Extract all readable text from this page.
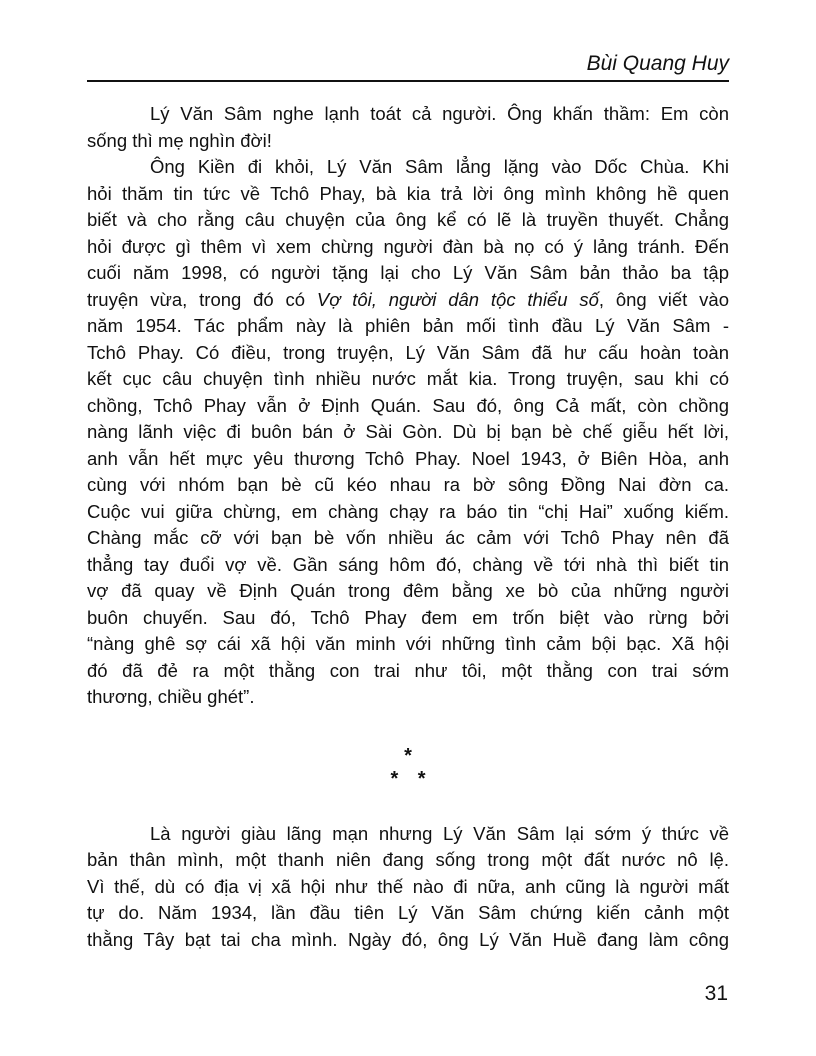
Bùi Quang Huy
Lý Văn Sâm nghe lạnh toát cả người. Ông khấn thầm: Em còn
sống thì mẹ nghìn đời!
Ông Kiền đi khỏi, Lý Văn Sâm lẳng lặng vào Dốc Chùa. Khi
hỏi thăm tin tức về Tchô Phay, bà kia trả lời ông mình không hề quen
biết và cho rằng câu chuyện của ông kể có lẽ là truyền thuyết. Chẳng
hỏi được gì thêm vì xem chừng người đàn bà nọ có ý lảng tránh. Đến
cuối năm 1998, có người tặng lại cho Lý Văn Sâm bản thảo ba tập
truyện vừa, trong đó có Vợ tôi, người dân tộc thiểu số, ông viết vào
năm 1954. Tác phẩm này là phiên bản mối tình đầu Lý Văn Sâm -
Tchô Phay. Có điều, trong truyện, Lý Văn Sâm đã hư cấu hoàn toàn
kết cục câu chuyện tình nhiều nước mắt kia. Trong truyện, sau khi có
chồng, Tchô Phay vẫn ở Định Quán. Sau đó, ông Cả mất, còn chồng
nàng lãnh việc đi buôn bán ở Sài Gòn. Dù bị bạn bè chế giễu hết lời,
anh vẫn hết mực yêu thương Tchô Phay. Noel 1943, ở Biên Hòa, anh
cùng với nhóm bạn bè cũ kéo nhau ra bờ sông Đồng Nai đờn ca.
Cuộc vui giữa chừng, em chàng chạy ra báo tin “chị Hai” xuống kiếm.
Chàng mắc cỡ với bạn bè vốn nhiều ác cảm với Tchô Phay nên đã
thẳng tay đuổi vợ về. Gần sáng hôm đó, chàng về tới nhà thì biết tin
vợ đã quay về Định Quán trong đêm bằng xe bò của những người
buôn chuyến. Sau đó, Tchô Phay đem em trốn biệt vào rừng bởi
“nàng ghê sợ cái xã hội văn minh với những tình cảm bội bạc. Xã hội
đó đã đẻ ra một thằng con trai như tôi, một thằng con trai sớm
thương, chiều ghét”.
*
* *
Là người giàu lãng mạn nhưng Lý Văn Sâm lại sớm ý thức về
bản thân mình, một thanh niên đang sống trong một đất nước nô lệ.
Vì thế, dù có địa vị xã hội như thế nào đi nữa, anh cũng là người mất
tự do. Năm 1934, lần đầu tiên Lý Văn Sâm chứng kiến cảnh một
thằng Tây bạt tai cha mình. Ngày đó, ông Lý Văn Huề đang làm công
31
